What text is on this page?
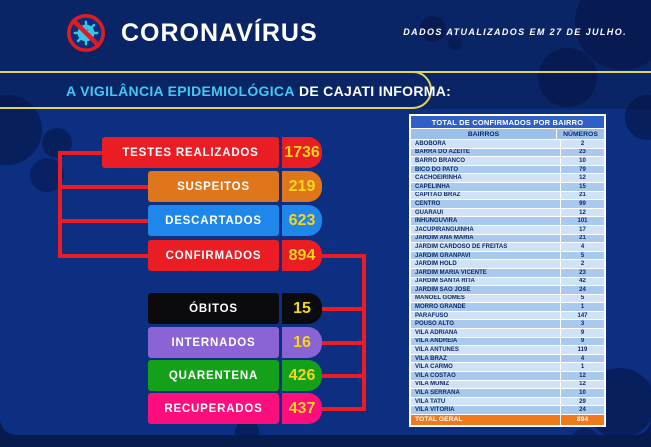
CORONAVÍRUS	DADOS ATUALIZADOS EM 27 DE JULHO.
A VIGILÂNCIA EPIDEMIOLÓGICA DE CAJATI INFORMA:
TESTES REALIZADOS	1736
SUSPEITOS	219
DESCARTADOS	623
CONFIRMADOS	894
ÓBITOS	15
INTERNADOS	16
QUARENTENA	426
RECUPERADOS	437
TOTAL DE CONFIRMADOS POR BAIRRO
BAIRROS	NÚMEROS
ABÓBORA	2
BARRA DO AZEITE	23
BARRO BRANCO	10
BICO DO PATO	79
CACHOEIRINHA	12
CAPELINHA	15
CAPITÃO BRAZ	21
CENTRO	99
GUARAÚI	12
INHUNGUVIRA	101
JACUPIRANGUINHA	17
JARDIM ANA MARIA	21
JARDIM CARDOSO DE FREITAS	4
JARDIM GRANPAVI	5
JARDIM HOLD	2
JARDIM MARIA VICENTE	23
JARDIM SANTA RITA	42
JARDIM SÃO JOSÉ	24
MANOEL GOMES	5
MORRO GRANDE	1
PARAFUSO	147
POUSO ALTO	3
VILA ADRIANA	9
VILA ANDREIA	9
VILA ANTUNES	119
VILA BRAZ	4
VILA CARMO	1
VILA COSTÃO	12
VILA MUNIZ	12
VILA SERRANA	10
VILA TATU	29
VILA VITÓRIA	24
TOTAL GERAL	894
